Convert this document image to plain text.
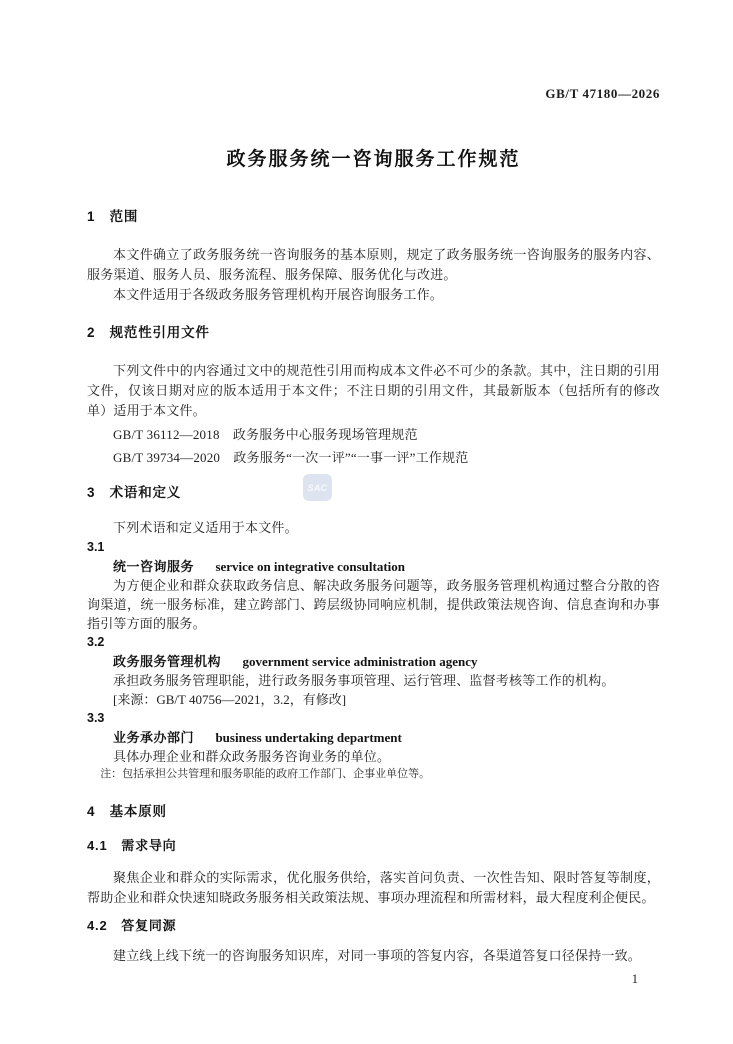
SAC
GB/T 47180—2026
政务服务统一咨询服务工作规范
1　范围

本文件确立了政务服务统一咨询服务的基本原则，规定了政务服务统一咨询服务的服务内容、服务渠道、服务人员、服务流程、服务保障、服务优化与改进。

本文件适用于各级政务服务管理机构开展咨询服务工作。

2　规范性引用文件

下列文件中的内容通过文中的规范性引用而构成本文件必不可少的条款。其中，注日期的引用文件，仅该日期对应的版本适用于本文件；不注日期的引用文件，其最新版本（包括所有的修改单）适用于本文件。

GB/T 36112—2018　政务服务中心服务现场管理规范

GB/T 39734—2020　政务服务“一次一评”“一事一评”工作规范

3　术语和定义

下列术语和定义适用于本文件。

3.1

统一咨询服务 service on integrative consultation

为方便企业和群众获取政务信息、解决政务服务问题等，政务服务管理机构通过整合分散的咨询渠道，统一服务标准，建立跨部门、跨层级协同响应机制，提供政策法规咨询、信息查询和办事指引等方面的服务。

3.2

政务服务管理机构 government service administration agency

承担政务服务管理职能，进行政务服务事项管理、运行管理、监督考核等工作的机构。

[来源：GB/T 40756—2021，3.2，有修改]

3.3

业务承办部门 business undertaking department

具体办理企业和群众政务服务咨询业务的单位。

注：包括承担公共管理和服务职能的政府工作部门、企事业单位等。

4　基本原则
4.1　需求导向

聚焦企业和群众的实际需求，优化服务供给，落实首问负责、一次性告知、限时答复等制度，帮助企业和群众快速知晓政务服务相关政策法规、事项办理流程和所需材料，最大程度利企便民。

4.2　答复同源

建立线上线下统一的咨询服务知识库，对同一事项的答复内容，各渠道答复口径保持一致。

1
